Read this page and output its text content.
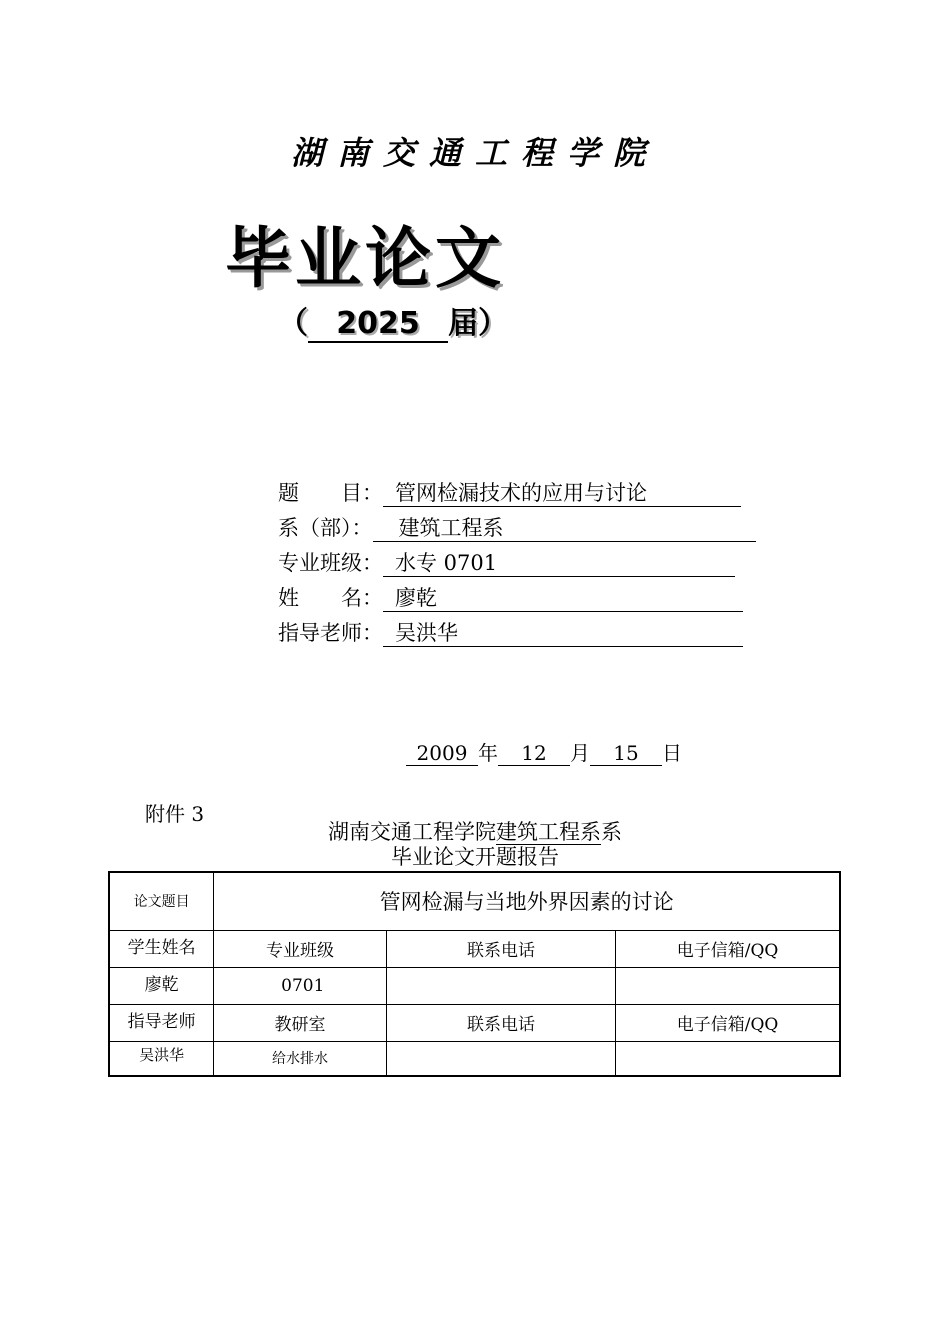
湖南交通工程学院
毕业论文
（ 2025 届）
题　　目： 管网检漏技术的应用与讨论
系（部）： 建筑工程系
专业班级： 水专 0701
姓　　名： 廖乾
指导老师： 吴洪华
2009 年 12 月 15 日
附件 3
湖南交通工程学院建筑工程系系
毕业论文开题报告
论文题目	管网检漏与当地外界因素的讨论		
学生姓名	专业班级	联系电话	电子信箱/QQ
廖乾	0701		
指导老师	教研室	联系电话	电子信箱/QQ
吴洪华	给水排水		
